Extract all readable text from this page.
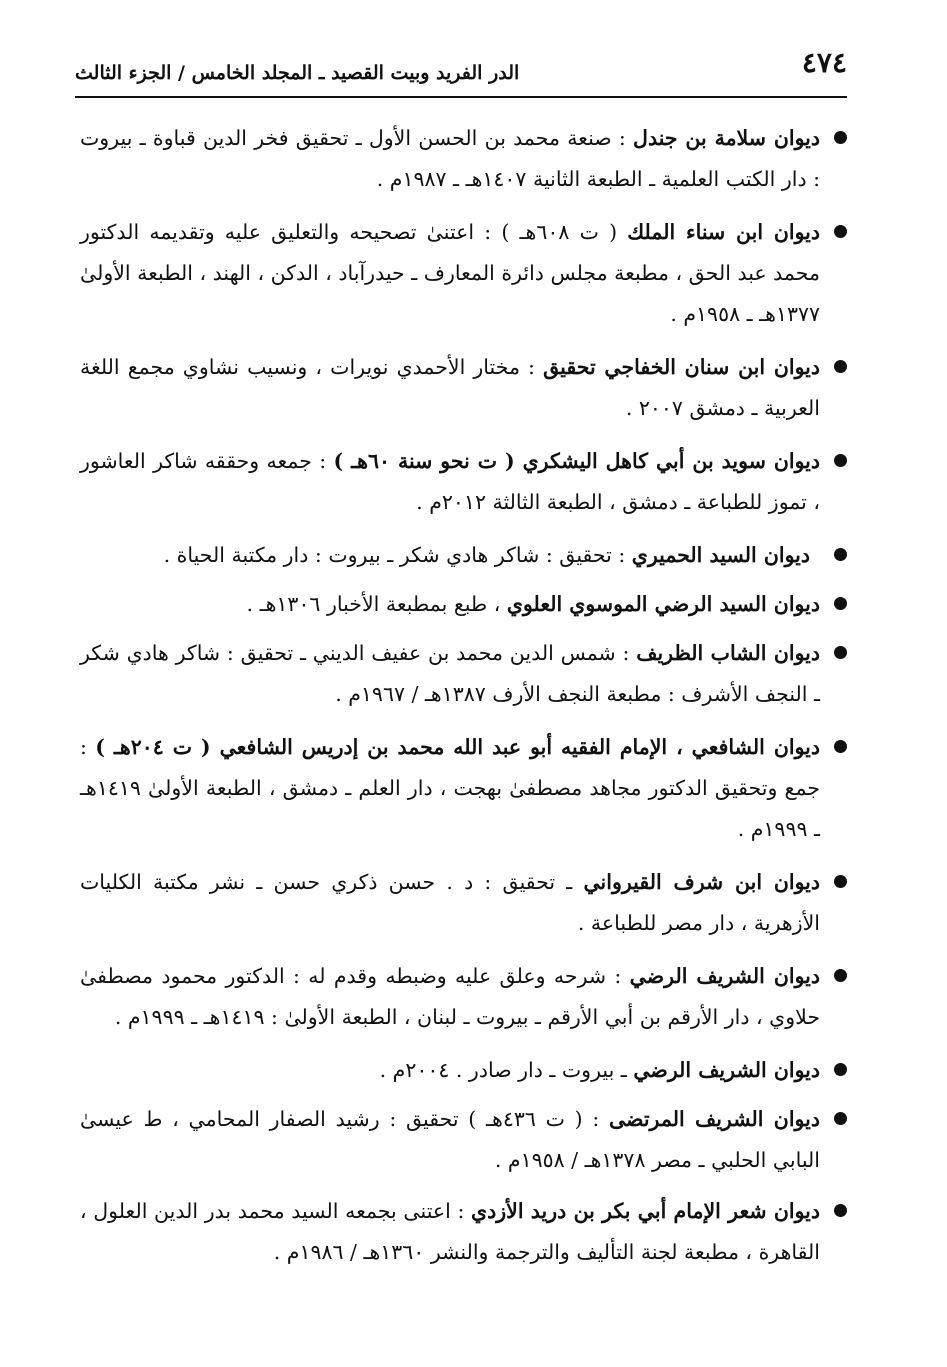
٤٧٤
الدر الفريد وبيت القصيد ـ المجلد الخامس / الجزء الثالث
ديوان سلامة بن جندل : صنعة محمد بن الحسن الأول ـ تحقيق فخر الدين قباوة ـ بيروت : دار الكتب العلمية ـ الطبعة الثانية ١٤٠٧هـ ـ ١٩٨٧م .
ديوان ابن سناء الملك ( ت ٦٠٨هـ ) : اعتنىٰ تصحيحه والتعليق عليه وتقديمه الدكتور محمد عبد الحق ، مطبعة مجلس دائرة المعارف ـ حيدرآباد ، الدكن ، الهند ، الطبعة الأولىٰ ١٣٧٧هـ ـ ١٩٥٨م .
ديوان ابن سنان الخفاجي تحقيق : مختار الأحمدي نويرات ، ونسيب نشاوي مجمع اللغة العربية ـ دمشق ٢٠٠٧ .
ديوان سويد بن أبي كاهل اليشكري ( ت نحو سنة ٦٠هـ ) : جمعه وحققه شاكر العاشور ، تموز للطباعة ـ دمشق ، الطبعة الثالثة ٢٠١٢م .
ديوان السيد الحميري : تحقيق : شاكر هادي شكر ـ بيروت : دار مكتبة الحياة .
ديوان السيد الرضي الموسوي العلوي ، طبع بمطبعة الأخبار ١٣٠٦هـ .
ديوان الشاب الظريف : شمس الدين محمد بن عفيف الديني ـ تحقيق : شاكر هادي شكر ـ النجف الأشرف : مطبعة النجف الأرف ١٣٨٧هـ / ١٩٦٧م .
ديوان الشافعي ، الإمام الفقيه أبو عبد الله محمد بن إدريس الشافعي ( ت ٢٠٤هـ ) : جمع وتحقيق الدكتور مجاهد مصطفىٰ بهجت ، دار العلم ـ دمشق ، الطبعة الأولىٰ ١٤١٩هـ ـ ١٩٩٩م .
ديوان ابن شرف القيرواني ـ تحقيق : د . حسن ذكري حسن ـ نشر مكتبة الكليات الأزهرية ، دار مصر للطباعة .
ديوان الشريف الرضي : شرحه وعلق عليه وضبطه وقدم له : الدكتور محمود مصطفىٰ حلاوي ، دار الأرقم بن أبي الأرقم ـ بيروت ـ لبنان ، الطبعة الأولىٰ : ١٤١٩هـ ـ ١٩٩٩م .
ديوان الشريف الرضي ـ بيروت ـ دار صادر . ٢٠٠٤م .
ديوان الشريف المرتضى : ( ت ٤٣٦هـ ) تحقيق : رشيد الصفار المحامي ، ط عيسىٰ البابي الحلبي ـ مصر ١٣٧٨هـ / ١٩٥٨م .
ديوان شعر الإمام أبي بكر بن دريد الأزدي : اعتنى بجمعه السيد محمد بدر الدين العلول ، القاهرة ، مطبعة لجنة التأليف والترجمة والنشر ١٣٦٠هـ / ١٩٨٦م .
